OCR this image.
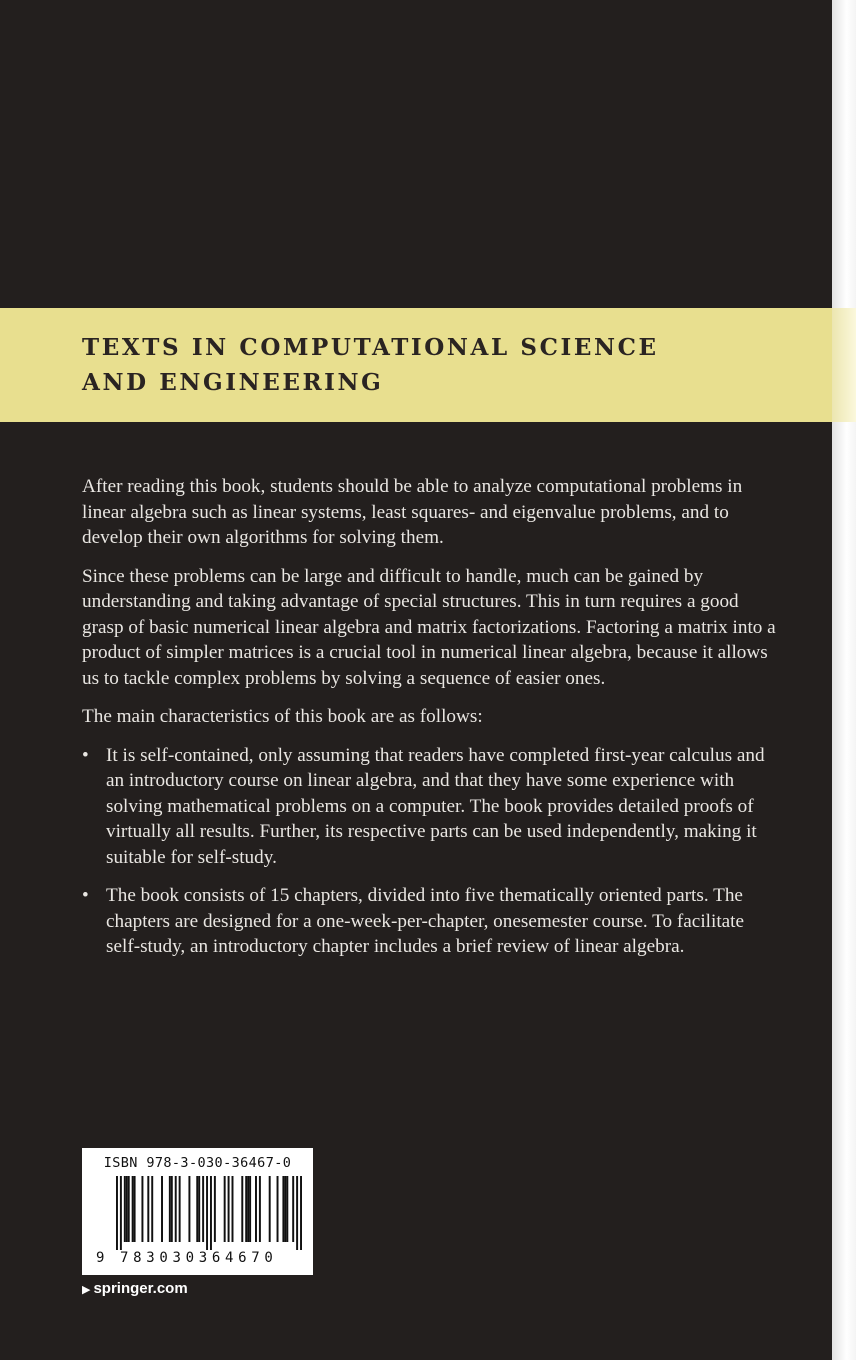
TEXTS IN COMPUTATIONAL SCIENCE
AND ENGINEERING

After reading this book, students should be able to analyze computational problems in linear algebra such as linear systems, least squares- and eigenvalue problems, and to develop their own algorithms for solving them.

Since these problems can be large and difficult to handle, much can be gained by understanding and taking advantage of special structures. This in turn requires a good grasp of basic numerical linear algebra and matrix factorizations. Factoring a matrix into a product of simpler matrices is a crucial tool in numerical linear algebra, because it allows us to tackle complex problems by solving a sequence of easier ones.

The main characteristics of this book are as follows:

• It is self-contained, only assuming that readers have completed first-year calculus and an introductory course on linear algebra, and that they have some experience with solving mathematical problems on a computer. The book provides detailed proofs of virtually all results. Further, its respective parts can be used independently, making it suitable for self-study.
• The book consists of 15 chapters, divided into five thematically oriented parts. The chapters are designed for a one-week-per-chapter, onesemester course. To facilitate self-study, an introductory chapter includes a brief review of linear algebra.
ISBN 978-3-030-36467-0
9 783030364670
▶ springer.com
